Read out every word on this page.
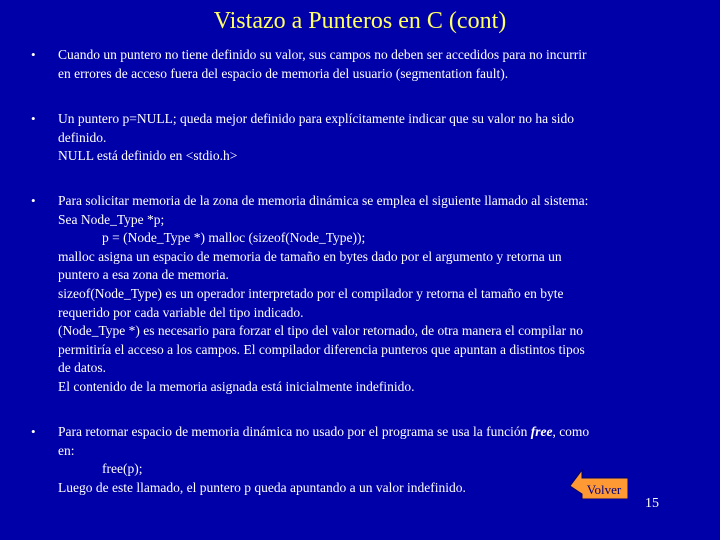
Vistazo a Punteros en C (cont)
• Cuando un puntero no tiene definido su valor, sus campos no deben ser accedidos para no incurrir
en errores de acceso fuera del espacio de memoria del usuario (segmentation fault).
• Un puntero p=NULL; queda mejor definido para explícitamente indicar que su valor no ha sido
definido.
NULL está definido en <stdio.h>
• Para solicitar memoria de la zona de memoria dinámica se emplea el siguiente llamado al sistema:
Sea Node_Type *p;
p = (Node_Type *) malloc (sizeof(Node_Type));
malloc asigna un espacio de memoria de tamaño en bytes dado por el argumento y retorna un
puntero a esa zona de memoria.
sizeof(Node_Type) es un operador interpretado por el compilador y retorna el tamaño en byte
requerido por cada variable del tipo indicado.
(Node_Type *) es necesario para forzar el tipo del valor retornado, de otra manera el compilar no
permitiría el acceso a los campos. El compilador diferencia punteros que apuntan a distintos tipos
de datos.
El contenido de la memoria asignada está inicialmente indefinido.
• Para retornar espacio de memoria dinámica no usado por el programa se usa la función free, como
en:
free(p);
Luego de este llamado, el puntero p queda apuntando a un valor indefinido.	Volver
15
